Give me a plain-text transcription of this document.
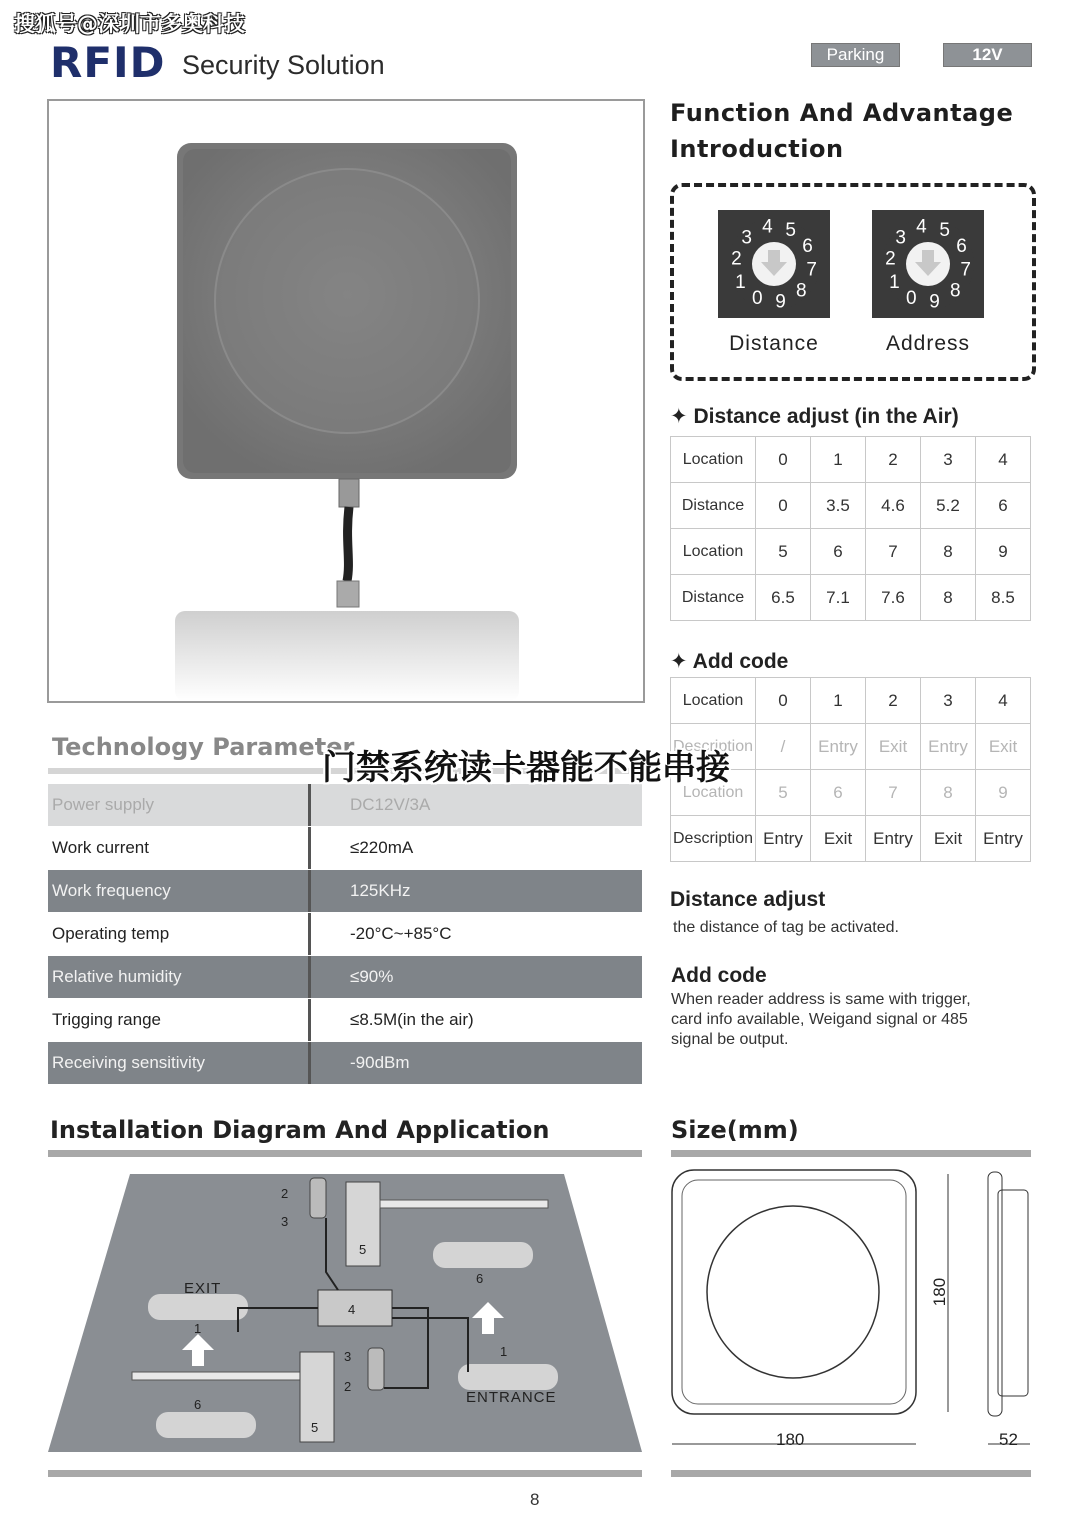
搜狐号@深圳市多奥科技
RFID Security Solution	Parking	12V
Function And Advantage
Introduction
4 5
6
7
8
9
0
1
2
3
4 5
6
7
8
9
0
1
2
3
Distance	Address
✦ Distance adjust (in the Air)
Location	0	1	2	3	4
Distance	0	3.5	4.6	5.2	6
Location	5	6	7	8	9
Distance	6.5	7.1	7.6	8	8.5
✦ Add code
Location	0	1	2	3	4
Description	/	Entry	Exit	Entry	Exit
Location	5	6	7	8	9
Description	Entry	Exit	Entry	Exit	Entry
Distance adjust
the distance of tag be activated.
Add code
When reader address is same with trigger,
card info available, Weigand signal or 485
signal be output.
Technology Parameter
Power supply	DC12V/3A
Work current	≤220mA
Work frequency	125KHz
Operating temp	-20°C~+85°C
Relative humidity	≤90%
Trigging range	≤8.5M(in the air)
Receiving sensitivity	-90dBm
门禁系统读卡器能不能串接
Installation Diagram And Application
EXIT
ENTRANCE
2
3
5
6
4
1
1
3
2
6
5
Size(mm)
180
180
52
8
